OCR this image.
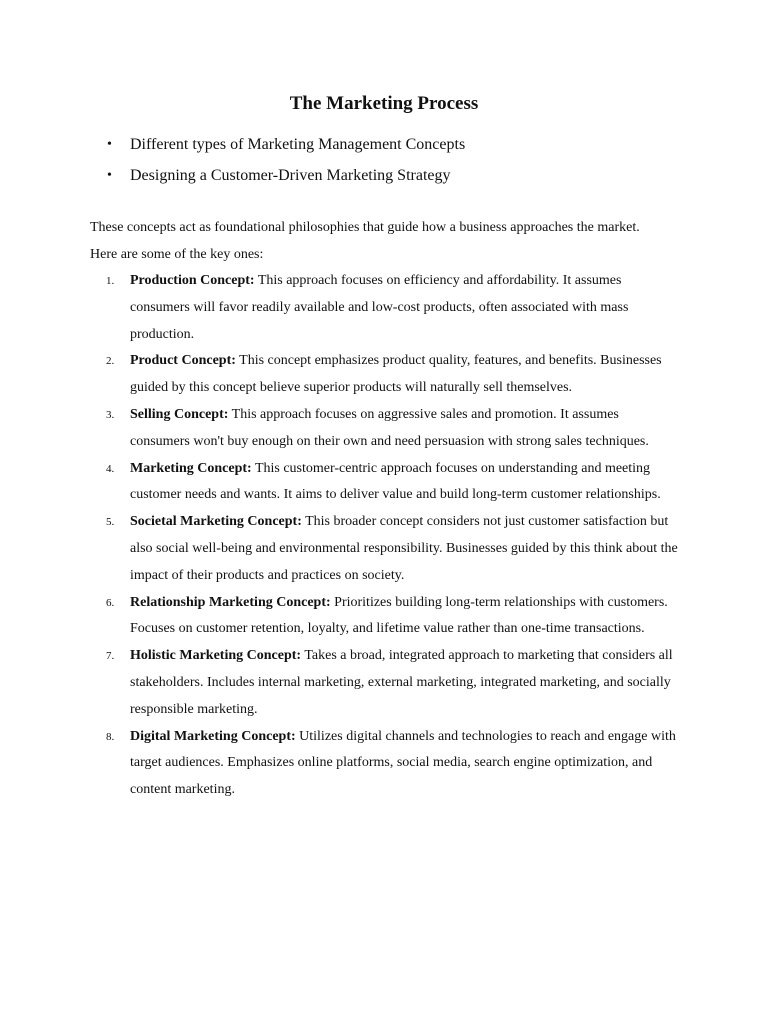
The Marketing Process
• Different types of Marketing Management Concepts
• Designing a Customer-Driven Marketing Strategy

These concepts act as foundational philosophies that guide how a business approaches the market. Here are some of the key ones:

1. Production Concept: This approach focuses on efficiency and affordability. It assumes consumers will favor readily available and low-cost products, often associated with mass production.
2. Product Concept: This concept emphasizes product quality, features, and benefits. Businesses guided by this concept believe superior products will naturally sell themselves.
3. Selling Concept: This approach focuses on aggressive sales and promotion. It assumes consumers won't buy enough on their own and need persuasion with strong sales techniques.
4. Marketing Concept: This customer-centric approach focuses on understanding and meeting customer needs and wants. It aims to deliver value and build long-term customer relationships.
5. Societal Marketing Concept: This broader concept considers not just customer satisfaction but also social well-being and environmental responsibility. Businesses guided by this think about the impact of their products and practices on society.
6. Relationship Marketing Concept: Prioritizes building long-term relationships with customers. Focuses on customer retention, loyalty, and lifetime value rather than one-time transactions.
7. Holistic Marketing Concept: Takes a broad, integrated approach to marketing that considers all stakeholders. Includes internal marketing, external marketing, integrated marketing, and socially responsible marketing.
8. Digital Marketing Concept: Utilizes digital channels and technologies to reach and engage with target audiences. Emphasizes online platforms, social media, search engine optimization, and content marketing.
